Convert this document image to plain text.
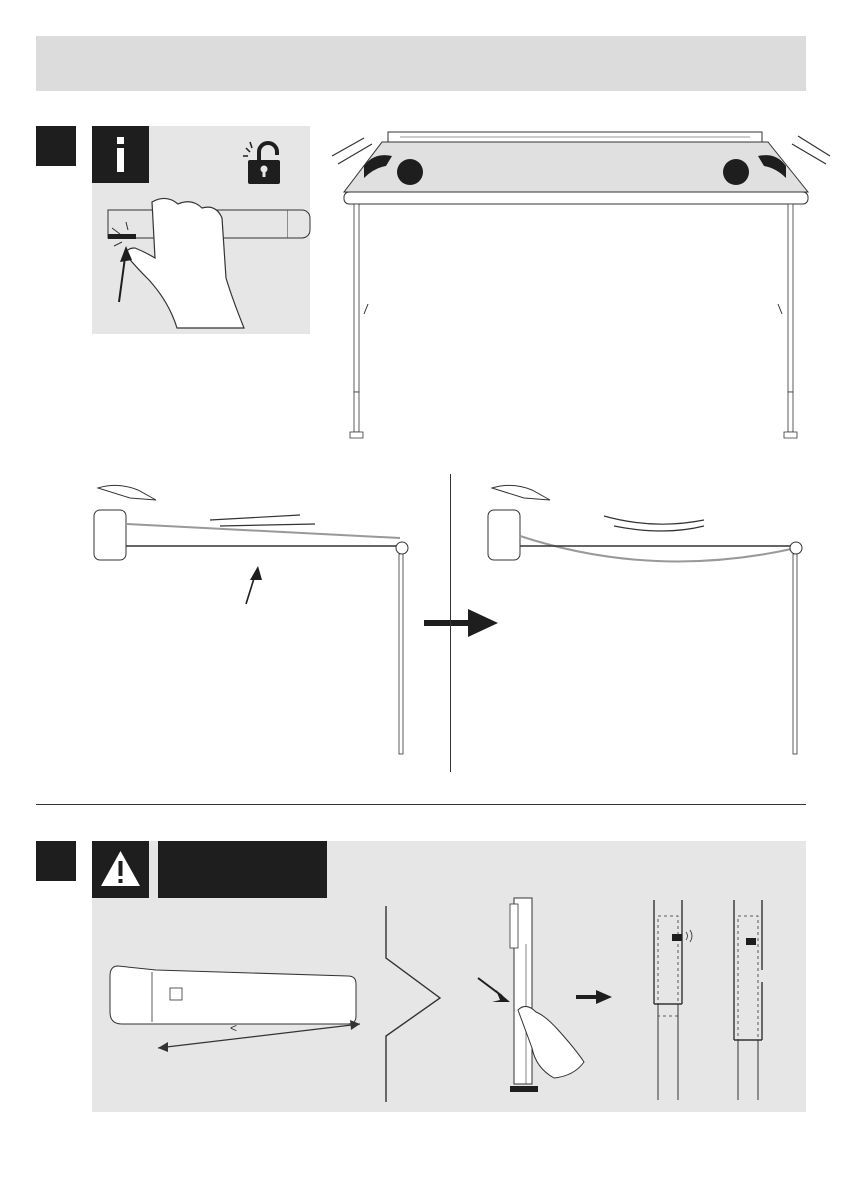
<
